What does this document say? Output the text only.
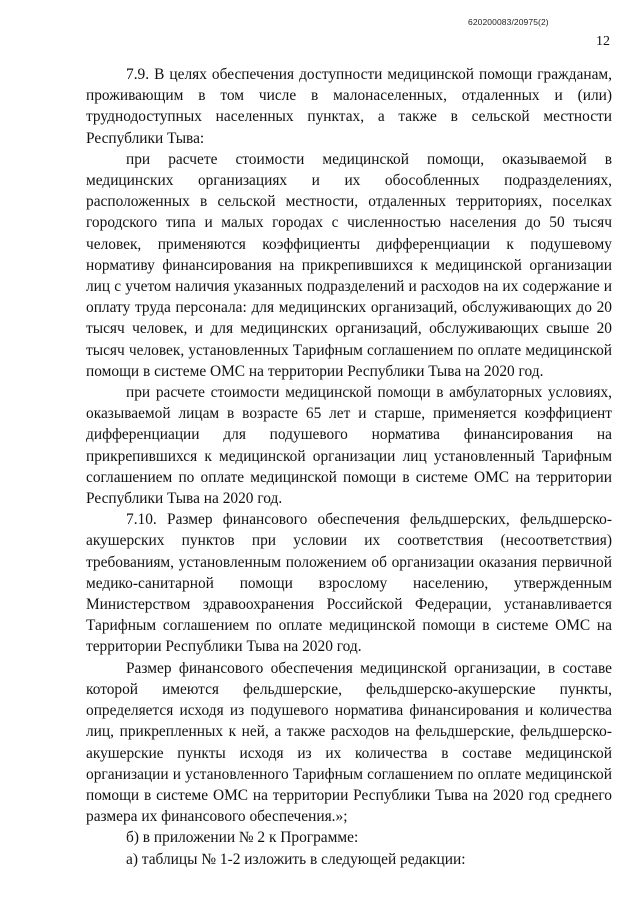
620200083/20975(2)
12

7.9. В целях обеспечения доступности медицинской помощи гражданам, проживающим в том числе в малонаселенных, отдаленных и (или) труднодоступных населенных пунктах, а также в сельской местности Республики Тыва:

при расчете стоимости медицинской помощи, оказываемой в медицинских организациях и их обособленных подразделениях, расположенных в сельской местности, отдаленных территориях, поселках городского типа и малых городах с численностью населения до 50 тысяч человек, применяются коэффициенты дифференциации к подушевому нормативу финансирования на прикрепившихся к медицинской организации лиц с учетом наличия указанных подразделений и расходов на их содержание и оплату труда персонала: для медицинских организаций, обслуживающих до 20 тысяч человек, и для медицинских организаций, обслуживающих свыше 20 тысяч человек, установленных Тарифным соглашением по оплате медицинской помощи в системе ОМС на территории Республики Тыва на 2020 год.

при расчете стоимости медицинской помощи в амбулаторных условиях, оказываемой лицам в возрасте 65 лет и старше, применяется коэффициент дифференциации для подушевого норматива финансирования на прикрепившихся к медицинской организации лиц установленный Тарифным соглашением по оплате медицинской помощи в системе ОМС на территории Республики Тыва на 2020 год.

7.10. Размер финансового обеспечения фельдшерских, фельдшерско-акушерских пунктов при условии их соответствия (несоответствия) требованиям, установленным положением об организации оказания первичной медико-санитарной помощи взрослому населению, утвержденным Министерством здравоохранения Российской Федерации, устанавливается Тарифным соглашением по оплате медицинской помощи в системе ОМС на территории Республики Тыва на 2020 год.

Размер финансового обеспечения медицинской организации, в составе которой имеются фельдшерские, фельдшерско-акушерские пункты, определяется исходя из подушевого норматива финансирования и количества лиц, прикрепленных к ней, а также расходов на фельдшерские, фельдшерско-акушерские пункты исходя из их количества в составе медицинской организации и установленного Тарифным соглашением по оплате медицинской помощи в системе ОМС на территории Республики Тыва на 2020 год среднего размера их финансового обеспечения.»;

б) в приложении № 2 к Программе:

а) таблицы № 1-2 изложить в следующей редакции:
